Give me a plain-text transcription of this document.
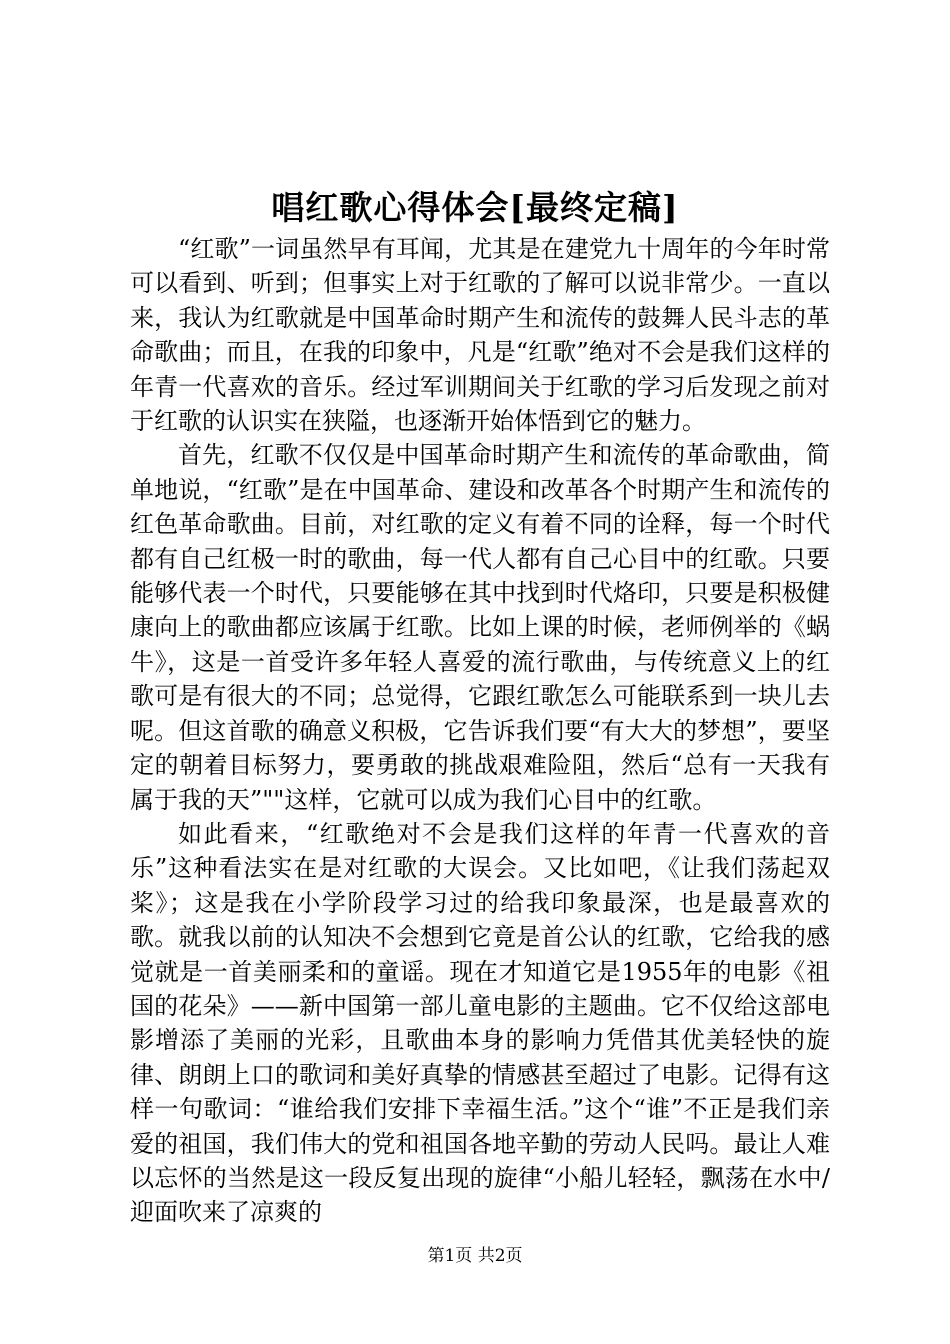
唱红歌心得体会[最终定稿]

“红歌”一词虽然早有耳闻，尤其是在建党九十周年的今年时常可以看到、听到；但事实上对于红歌的了解可以说非常少。一直以来，我认为红歌就是中国革命时期产生和流传的鼓舞人民斗志的革命歌曲；而且，在我的印象中，凡是“红歌”绝对不会是我们这样的年青一代喜欢的音乐。经过军训期间关于红歌的学习后发现之前对于红歌的认识实在狭隘，也逐渐开始体悟到它的魅力。

首先，红歌不仅仅是中国革命时期产生和流传的革命歌曲，简单地说，“红歌”是在中国革命、建设和改革各个时期产生和流传的红色革命歌曲。目前，对红歌的定义有着不同的诠释，每一个时代都有自己红极一时的歌曲，每一代人都有自己心目中的红歌。只要能够代表一个时代，只要能够在其中找到时代烙印，只要是积极健康向上的歌曲都应该属于红歌。比如上课的时候，老师例举的《蜗牛》，这是一首受许多年轻人喜爱的流行歌曲，与传统意义上的红歌可是有很大的不同；总觉得，它跟红歌怎么可能联系到一块儿去呢。但这首歌的确意义积极，它告诉我们要“有大大的梦想”，要坚定的朝着目标努力，要勇敢的挑战艰难险阻，然后“总有一天我有属于我的天”""这样，它就可以成为我们心目中的红歌。

如此看来，“红歌绝对不会是我们这样的年青一代喜欢的音乐”这种看法实在是对红歌的大误会。又比如吧，《让我们荡起双桨》；这是我在小学阶段学习过的给我印象最深，也是最喜欢的歌。就我以前的认知决不会想到它竟是首公认的红歌，它给我的感觉就是一首美丽柔和的童谣。现在才知道它是1955年的电影《祖国的花朵》——新中国第一部儿童电影的主题曲。它不仅给这部电影增添了美丽的光彩，且歌曲本身的影响力凭借其优美轻快的旋律、朗朗上口的歌词和美好真挚的情感甚至超过了电影。记得有这样一句歌词：“谁给我们安排下幸福生活。”这个“谁”不正是我们亲爱的祖国，我们伟大的党和祖国各地辛勤的劳动人民吗。最让人难以忘怀的当然是这一段反复出现的旋律“小船儿轻轻，飘荡在水中/迎面吹来了凉爽的

第1页 共2页
